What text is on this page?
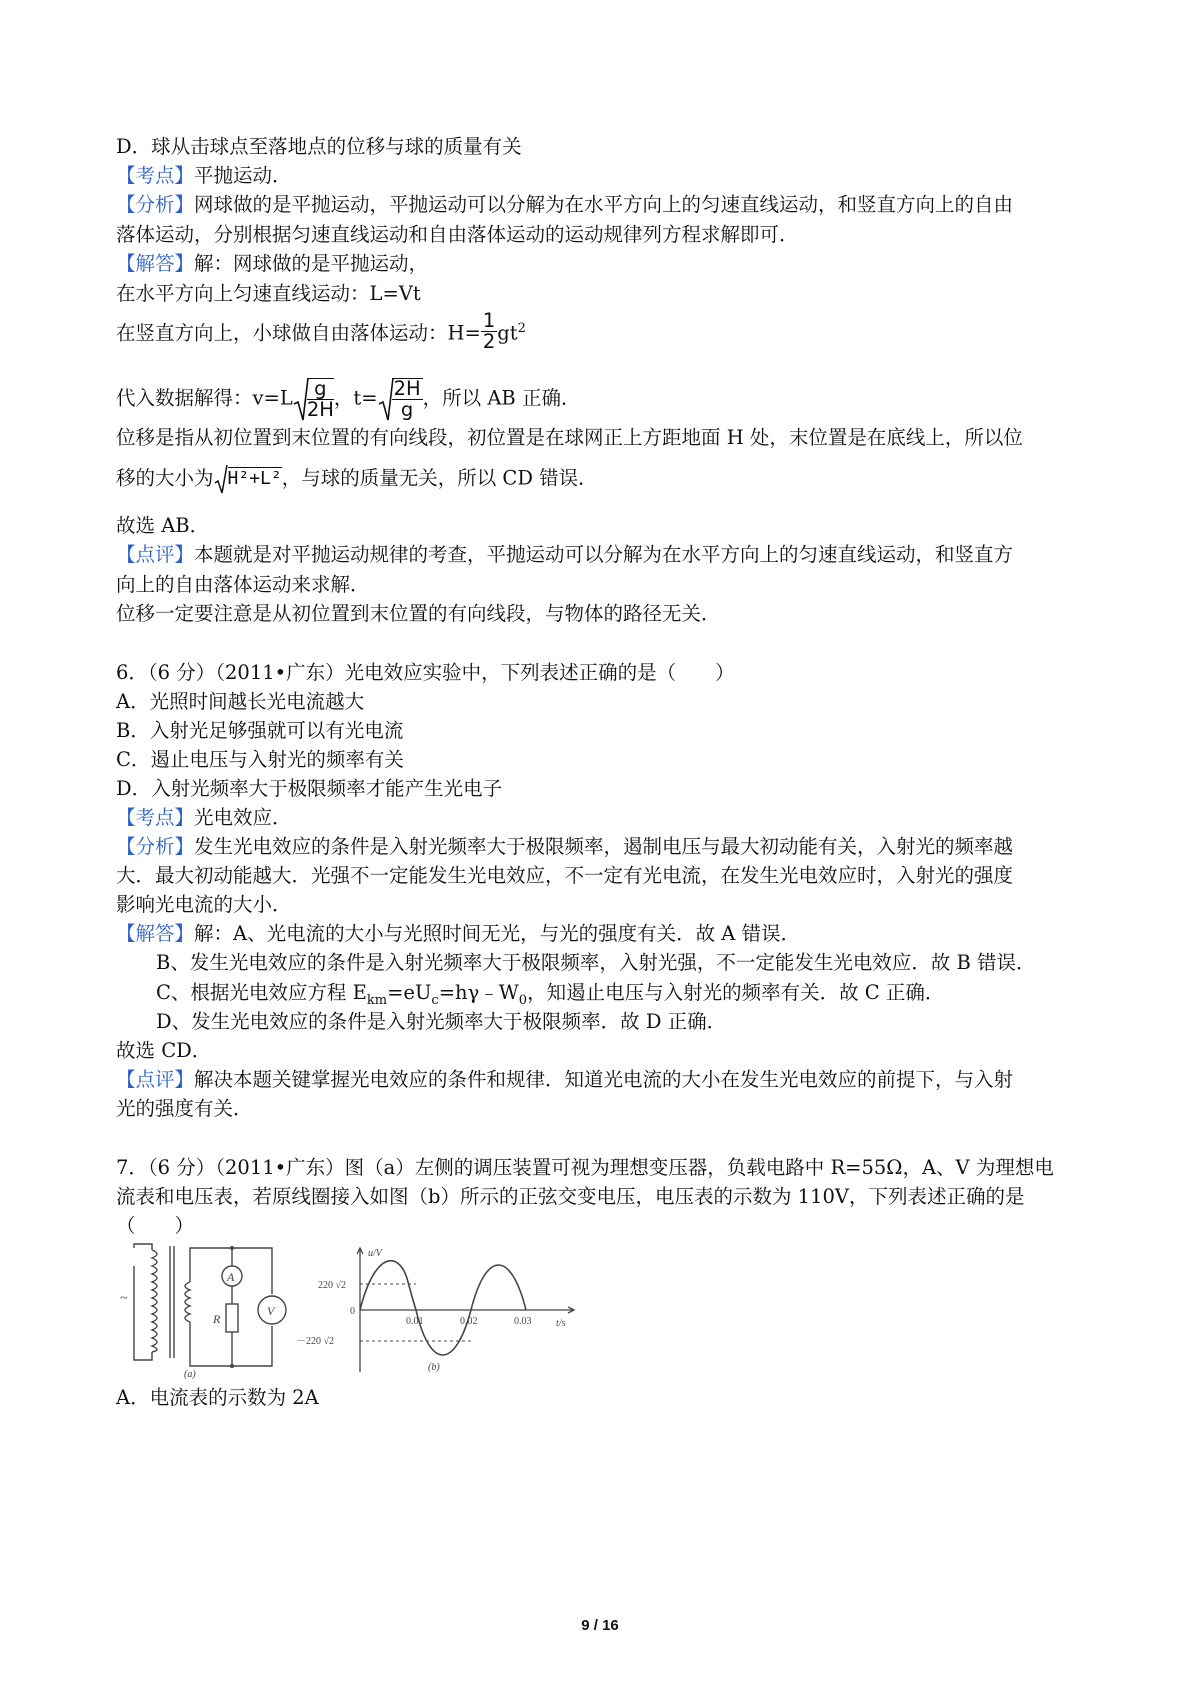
D．球从击球点至落地点的位移与球的质量有关
【考点】平抛运动．
【分析】网球做的是平抛运动，平抛运动可以分解为在水平方向上的匀速直线运动，和竖直方向上的自由
落体运动，分别根据匀速直线运动和自由落体运动的运动规律列方程求解即可．
【解答】解：网球做的是平抛运动，
在水平方向上匀速直线运动：L=Vt
在竖直方向上，小球做自由落体运动：$H= \frac{1}{2} gt^2$
代入数据解得：$v=L \frac{g}{2H}$ ，$t= \frac{2H}{g}$ ，所以 AB 正确．
位移是指从初位置到末位置的有向线段，初位置是在球网正上方距地面 H 处，末位置是在底线上，所以位
移的大小为 H²+L²，与球的质量无关，所以 CD 错误．
故选 AB．
【点评】本题就是对平抛运动规律的考查，平抛运动可以分解为在水平方向上的匀速直线运动，和竖直方
向上的自由落体运动来求解．
位移一定要注意是从初位置到末位置的有向线段，与物体的路径无关．
6．（6 分）（2011•广东）光电效应实验中，下列表述正确的是（　　）
A．光照时间越长光电流越大
B．入射光足够强就可以有光电流
C．遏止电压与入射光的频率有关
D．入射光频率大于极限频率才能产生光电子
【考点】光电效应．
【分析】发生光电效应的条件是入射光频率大于极限频率，遏制电压与最大初动能有关，入射光的频率越
大．最大初动能越大．光强不一定能发生光电效应，不一定有光电流，在发生光电效应时，入射光的强度
影响光电流的大小．
【解答】解：A、光电流的大小与光照时间无光，与光的强度有关．故 A 错误．
B、发生光电效应的条件是入射光频率大于极限频率，入射光强，不一定能发生光电效应．故 B 错误．
C、根据光电效应方程 $E_{km}=eU_c=h\gamma﹣W_0$，知遏止电压与入射光的频率有关．故 C 正确．
D、发生光电效应的条件是入射光频率大于极限频率．故 D 正确．
故选 CD．
【点评】解决本题关键掌握光电效应的条件和规律．知道光电流的大小在发生光电效应的前提下，与入射
光的强度有关．
7．（6 分）（2011•广东）图（a）左侧的调压装置可视为理想变压器，负载电路中 R=55Ω，A、V 为理想电
流表和电压表，若原线圈接入如图（b）所示的正弦交变电压，电压表的示数为 110V，下列表述正确的是
（　　）
~
A
R
V
(a)
u/V
t/s
220 √2
0
－220 √2
0.01	0.02	0.03
(b)
A．电流表的示数为 2A
9 / 16
